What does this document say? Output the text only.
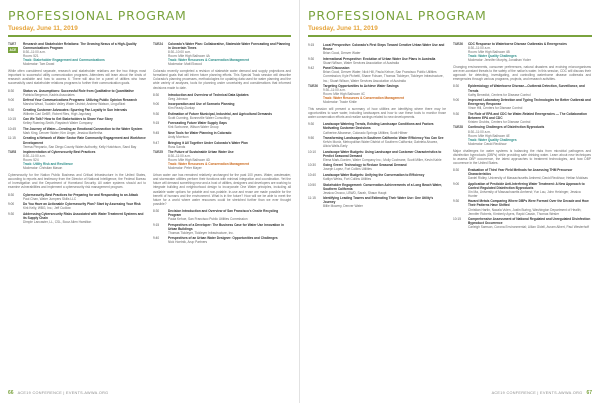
PROFESSIONAL PROGRAM
Tuesday, June 11, 2019
TUE7
ACE
Research and Stakeholder Relations: The Growing Nexus of a High-Quality Communications Program
8:30–11:00 a.m.
Room: 521
Track: Stakeholder Engagement and Communications
Moderator: Tom Dowd
While often considered separate, research and stakeholder relations are the two things most important to successful utility communication programs. Attendees will learn about the kinds of research available and how to access it. There will also be a panel of utilities who have successfully used stakeholder relations programs to further their communication goals.
8:30	Status vs. Assumptions: Successful Role from Qualitative to Quantitative
Patricia Bergeron, Kadris Associates
9:00	Defend Your Communications Programs: Utilizing Public Opinion Research
Marsha Wead, Tualatin Valley Water District; Andrew Watson, LinguStrat
9:30	Creating Customer Advocates: Spurring Fan Loyalty in Sun Intervals
Wilhelm Carl DeBR, Robert Ries, High Jaycharg
10:15	Can We Talk? How to Get Stakeholders to Share Your Story
Kelley Ruening-Smith, Raystech Water Company
10:45	The Journey of Water—Creating an Emotional Connection to the Water System
Mark King, Denver Water; Kim Unger, Jessica Marfertha
11:15	Creating a Network of Water Sector Rate Community Engagement and Workforce Development
Teresa Pimpanio, San Diego County Water Authority; Kelly Hutchison, Sand Bay
TUE8	Implementation of Cybersecurity Best Practices
8:30–11:00 a.m.
Room: 524
Track: Utility Risk and Resilience
Moderator: Christian Mason
Cybersecurity for the Nation Public Business and Critical Infrastructure in the United States, according to reports and testimony from the Director of National Intelligence, the Federal Bureau of Investigation and the Department of Homeland Security. All water systems should act to examine vulnerabilities and implement a cybersecurity risk management program.
8:30	Cybersecurity-Best Practices for Preparing for and Responding to an Attack
Paul Chan, Water Jumpers Skills LLC
9:00	Do You Have an Actionable Cybersecurity Plan? Start by Assessing Your Risk
Kirk Kelly, WBG, Inc.; Jeff Cudlow
9:30	Addressing Cybersecurity Risks Associated with Water Treatment Systems and its Supply Chain
Dimple Lancaster, LL, CSL, Booz Allen Hamilton
TUE24	Colorado's Water Plan: Collaborative, Statewide Water Forecasting and Planning in Uncertain Times
8:30–10:00 a.m.
Room: Mile High Ballroom 4A
Track: Water Resources & Conservation Management
Moderator: Matt Elwood
Colorado recently completed a revision of statewide water demand and supply projections and formalized goals that will inform future planning efforts. This Special Track session will describe Colorado's planning processes, methodologies for updating data used for water planning and the wide variety of analyses, tools for planning under uncertainty and considerations that informed decisions made to date.
8:30	Introduction and Overview of Technical Data Updates
Greg Johnson
9:00	Incorporation and Use of Scenario Planning
Kim Ready-Dunlap
9:30	Estimation of Future Municipal, Industrial, and Agricultural Demands
Scott Cunning, Bonneville Water Consulting
9:15	Forecasting Future Water Supply Gaps
Kirk Sorbonne, Wilson Water Group
9:45	New Tools for Water Planning in Colorado
Andy Morrison
9:47	Bringing it All Together Under Colorado's Water Plan
Russ Sands
TUE25	The Future of Sustainable Urban Water Use
8:30–11:00 a.m.
Room: Mile High Ballroom 4D
Track: Water Resources & Conservation Management
Moderator: Peter Mayer
Urban water use has remained relatively unchanged for the past 100 years. Water, wastewater, and stormwater utilities perform their functions with minimal integration and coordination. Yet the future will demand something new and a host of utilities, designers and developers are working to integrate building and neighborhood design to incorporate One Water principles, including all available water options for potable and non-potable. In-use and reuse are made possible for the benefit of humans and the environment. What is in the future? How will we be able to meet the future for a world where water resources could be stretched further than we ever thought possible?
8:30	Decision Introduction and Overview of San Francisco's Onsite Recycling Program
Paula Kehoe, San Francisco Public Utilities Commission
9:15	Perspectives of a Developer: The Business Case for Water Use Innovation in Urban Buildings
Thomas Tickleyer, Tickleyer Infrastructure, Inc.
9:40	Perspectives of an Urban Water Designer: Opportunities and Challenges
Nick Hoetnik, Arup Partners
66 ACE19 CONFERENCE | EVENTS.AWWA.ORG
PROFESSIONAL PROGRAM
Tuesday, June 11, 2019
9:15	Local Perspective: Colorado's First Steps Toward Creative Urban Water Use and Reuse
Brian Good, Denver Water
9:30	International Perspective: Evolution of Urban Water Use Plans in Australia
Stuart Wilson, Water Services Association of Australia
9:42	Panel Discussion
Brian Good, Denver Water; Nick Hill, Paula Kehoe, San Francisco Public Utilities Commission; Kyle Pichetti, Shane Folsom, Thomas Tickleyer, Tickleyer Infrastructure, Inc.; Stuart Wilson, Water Services Association of Australia
TUE26	Targeting Opportunities to Achieve Water Savings
9:30–11:00 a.m.
Room: Mile High Ballroom 4C
Track: Water Resources & Conservation Management
Moderator: Tracie Kirkle
This session will present a summary of how utilities are identifying where there may be opportunities to save water, including landscapes and how to use these tools to monitor those water conservation efforts and realize savings related to new developments.
9:30	Landscape Watering Trends, Existing Landscape Conditions and Factors Motivating Customer Decisions
Catherine Albanese, Colorado Springs Utilities; Scott Hiltner
9:50	Transforming Landscapes in Southern California: Water Efficiency You Can See
Kelvin Muniz, Metropolitan Water District of Southern California; Gabriela Alvarez, Alicia Walls-Early
10:10	Landscape Water Budgets: Using Landscape and Customer Characteristics to Predict Seasonal Demand
Elena Mark-Gorden, Water Company Inc.; Molly Cochrane, Scott Miller, Kevin Kahle
10:30	Going Green! Technology to Reduce Seasonal Demand
Joseph Lopez, Fort Collins Utilities
10:40	Landscape Water Budgets: Unifying the Conversation to Efficiency
Kaitlyn Weiss, Fort Collins Utilities
10:50	Stakeholder Engagement: Conservation Achievements of a Long Beach Water, Southern California
Jessica Orozco, LBWD, Sarah, Shaun Haupt
11:15	Identifying Leading Towers and Estimating Their Water Use: One Utility's Journey
Billie Mowery, Denver Water
TUE26	CDC Response to Waterborne Disease Outbreaks & Emergencies
8:30–11:00 a.m.
Room: Mile High Ballroom 4B
Track: Water Quality Challenges
Moderator: Jennifer Murphy, Jonathan Yoder
Changing environments, consumer preferences, natural disasters and evolving microorganisms are ever-constant threats to the safety of the nation's water. In this session, CDC will discuss their approach for detecting, investigating, and controlling waterborne disease outbreaks and emergencies through various programs, projects, and research activities.
8:30	Epidemiology of Waterborne Disease—Outbreak Detection, Surveillance, and Trends
Kathy Benedict, Centers for Disease Control
9:00	Improved Laboratory Detection and Typing Technologies for Better Outbreak and Emergency Response
Vince Hill, Centers for Disease Control
9:30	The Role of EPA and CDC for Water-Related Emergencies — The Collaboration Between EPA and CDC
Kristen Grubbs, Centers for Disease Control
TUE28	Continuing Challenges of Disinfection Byproducts
8:30–11:00 a.m.
Room: Mile High Ballroom 4E
Track: Water Quality Challenges
Moderator: David Reckhow
Major challenges for water systems is balancing the risks from microbial pathogens and disinfection byproducts (DBPs) while providing safe drinking water. Learn about new techniques to assess DBP occurrence, the latest approaches to treatment technologies, and how DBP occurrence in the United States.
8:30	Evaluation of Third Year Field Methods for Assessing THM Precursor Characteristics
Daniel Ridley, University of Massachusetts Amherst; David Reckhow, Hetian Mokisas
9:00	Application of Pesticide Anti-Interfering Water Treatment: A New Approach to Control Regulated Disinfection Byproducts
Xin Ma, University of Massachusetts Amherst; Yun Lau, John Heizinger, Jessica Hunter
9:30	Hazard Metals Comparing Where DBPs Were Formed Over the Decade and How Their Patterns Have Shifted
Christian Hartin, Nacala Vulen, Justin Buring, Washington Department of Health; Jennifer Roberts, Kimberly Ayers, Rapid Cassin, Thomas Wesler
10:15	Comprehensive Assessment of National Regulated and Unregulated Disinfection Byproduct Occurrence
Carleigh Samson, Corona Environmental; Lillian Gidell, Avram Albert, Paul Westerhoff
ACE19 CONFERENCE | EVENTS.AWWA.ORG 67
